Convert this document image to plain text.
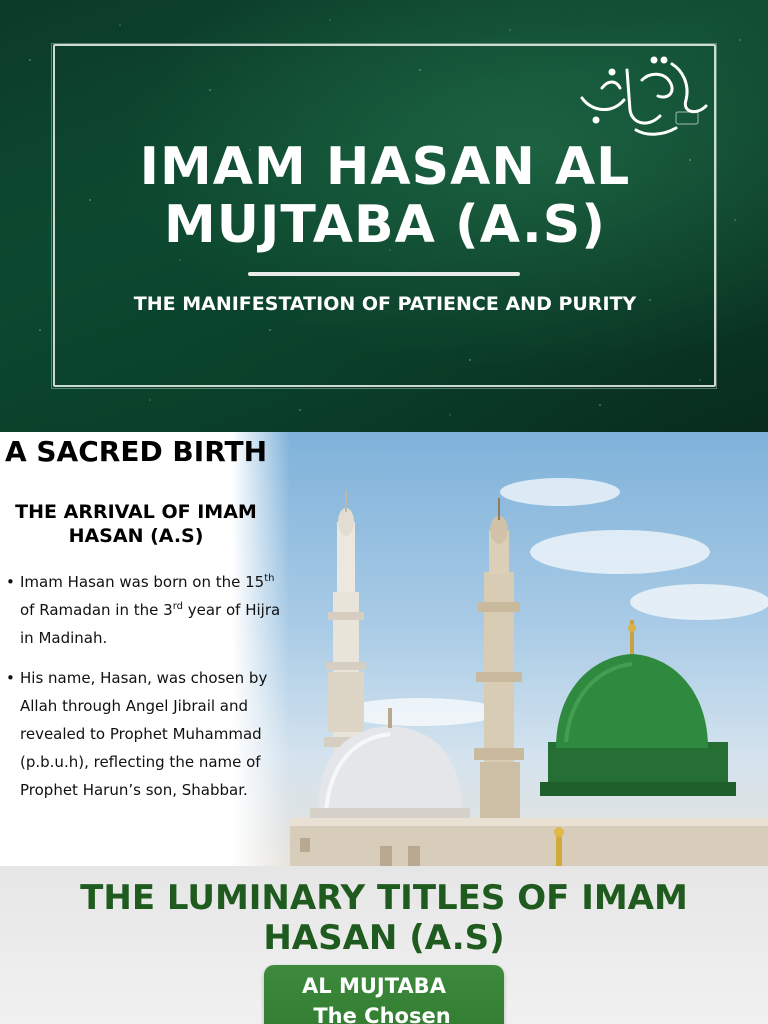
IMAM HASAN AL MUJTABA (A.S)
THE MANIFESTATION OF PATIENCE AND PURITY
A SACRED BIRTH
THE ARRIVAL OF IMAM HASAN (A.S)
• Imam Hasan was born on the 15th of Ramadan in the 3rd year of Hijra in Madinah.
• His name, Hasan, was chosen by Allah through Angel Jibrail and revealed to Prophet Muhammad (p.b.u.h), reflecting the name of Prophet Harun’s son, Shabbar.
THE LUMINARY TITLES OF IMAM HASAN (A.S)
AL MUJTABA
The Chosen
